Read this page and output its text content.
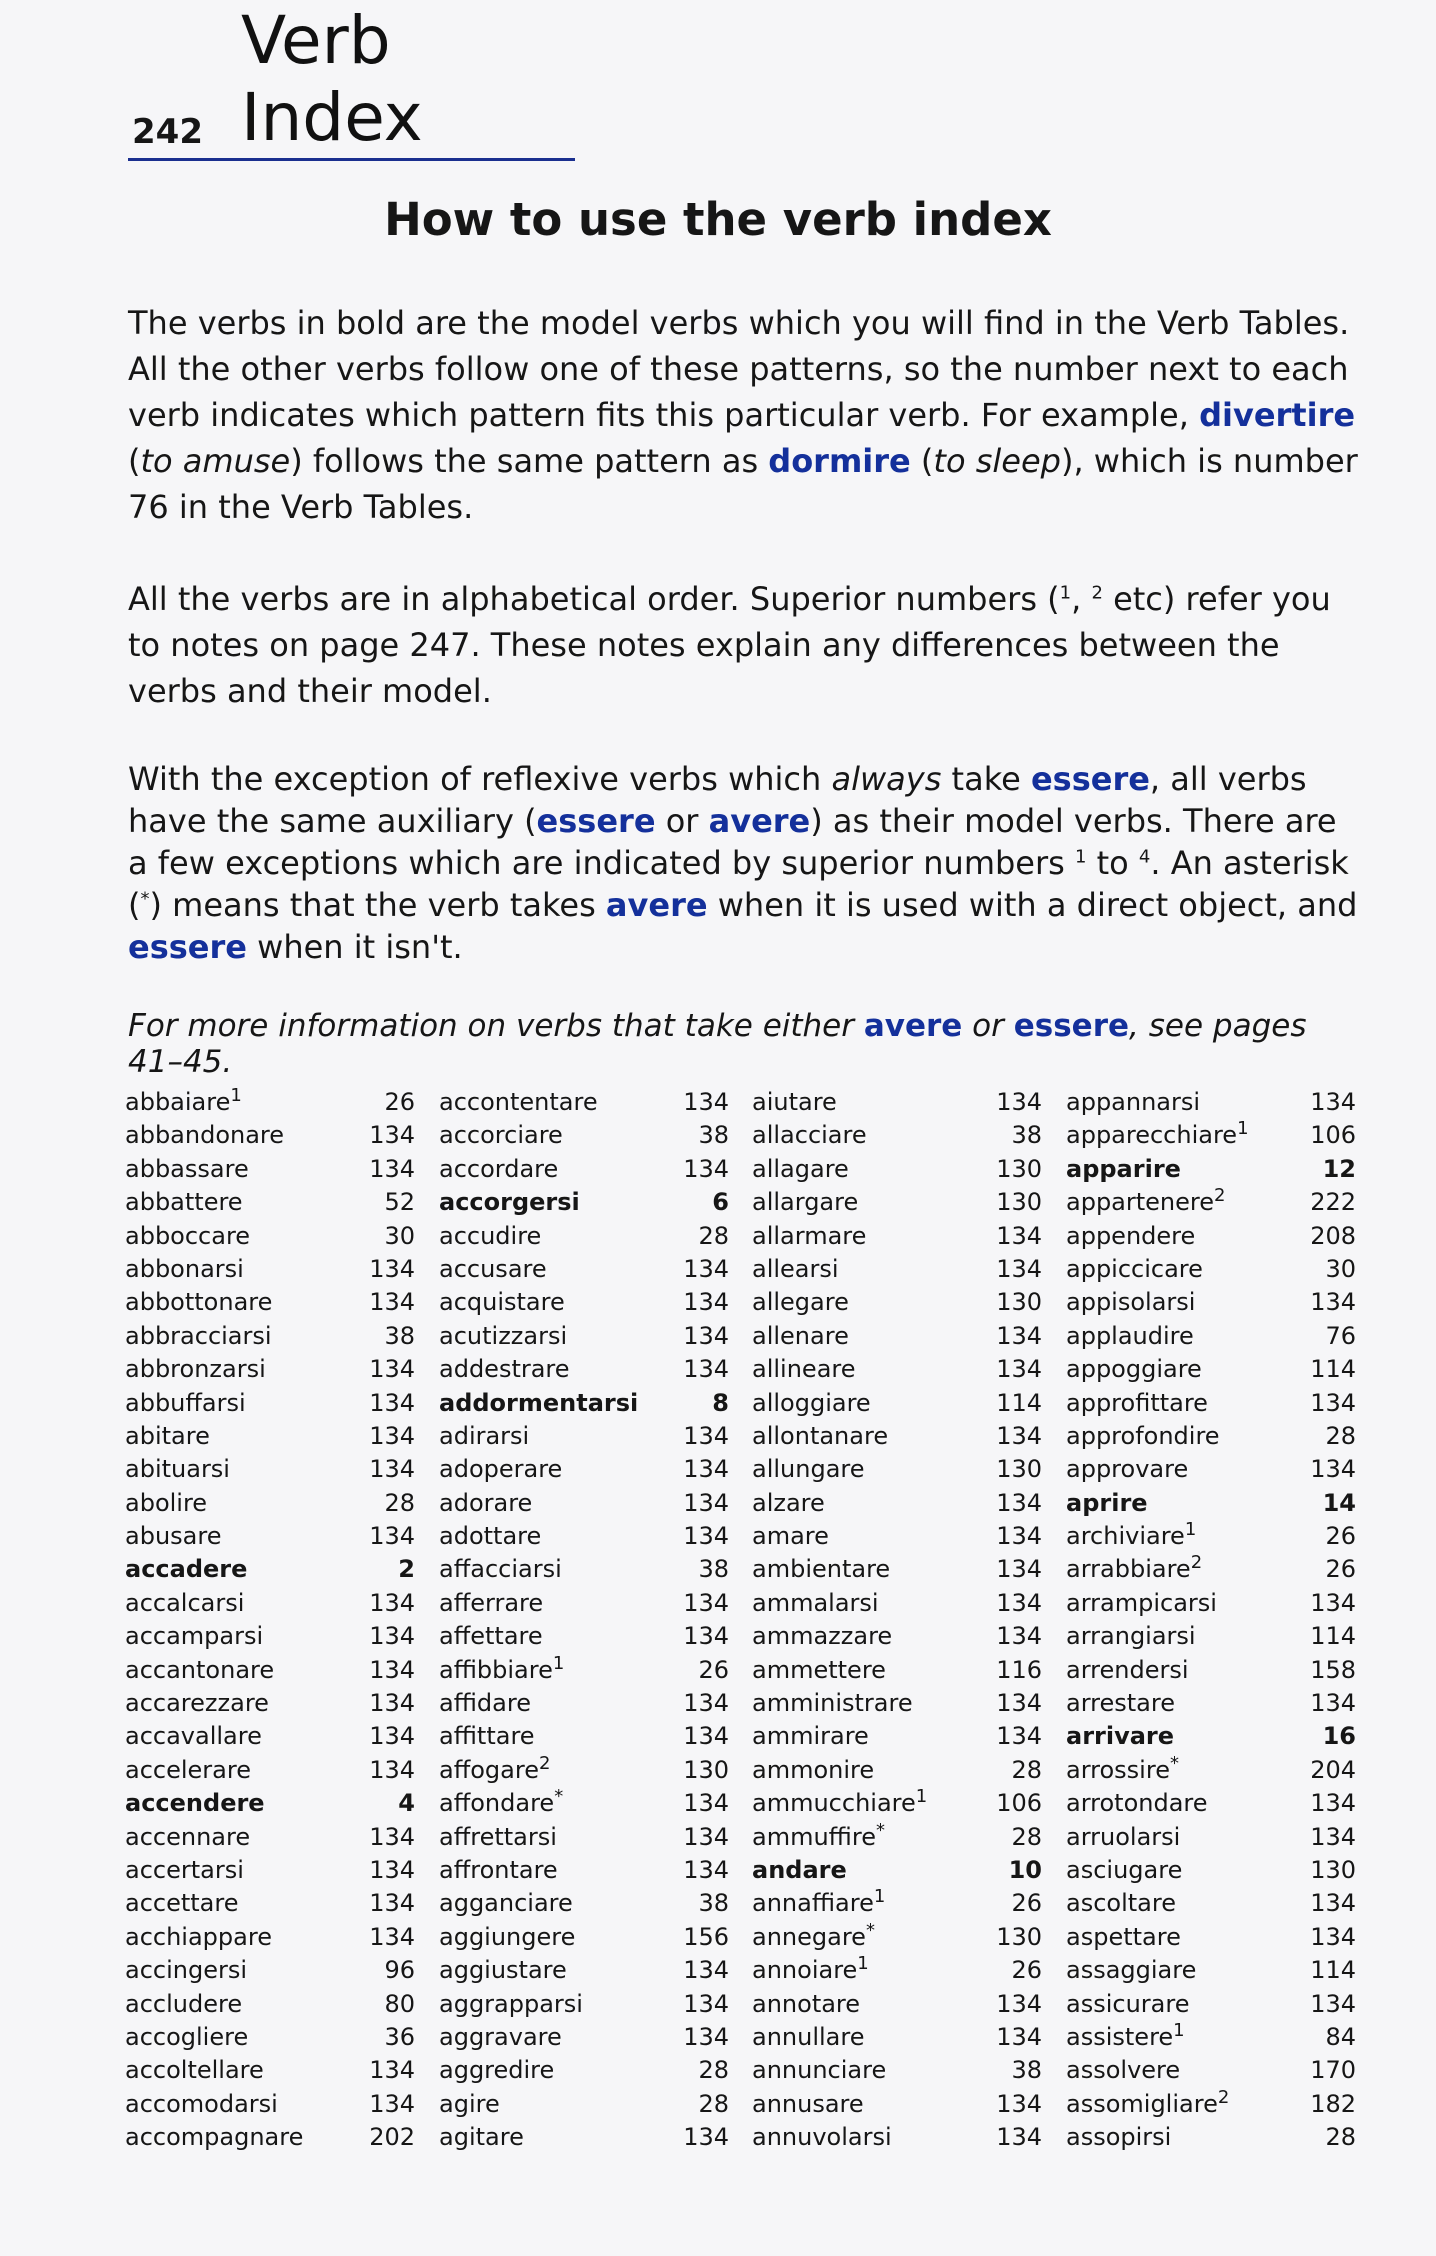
242
Verb Index
How to use the verb index
The verbs in bold are the model verbs which you will find in the Verb Tables. All the other verbs follow one of these patterns, so the number next to each verb indicates which pattern fits this particular verb. For example, divertire (to amuse) follows the same pattern as dormire (to sleep), which is number 76 in the Verb Tables.
All the verbs are in alphabetical order. Superior numbers ($^1$, $^2$ etc) refer you to notes on page 247. These notes explain any differences between the verbs and their model.
With the exception of reflexive verbs which always take essere, all verbs have the same auxiliary (essere or avere) as their model verbs. There are a few exceptions which are indicated by superior numbers $^1$ to $^4$. An asterisk (*) means that the verb takes avere when it is used with a direct object, and essere when it isn't.
For more information on verbs that take either avere or essere, see pages 41–45.
abbaiare$^1$	26
abbandonare	134
abbassare	134
abbattere	52
abboccare	30
abbonarsi	134
abbottonare	134
abbracciarsi	38
abbronzarsi	134
abbuffarsi	134
abitare	134
abituarsi	134
abolire	28
abusare	134
accadere	2
accalcarsi	134
accamparsi	134
accantonare	134
accarezzare	134
accavallare	134
accelerare	134
accendere	4
accennare	134
accertarsi	134
accettare	134
acchiappare	134
accingersi	96
accludere	80
accogliere	36
accoltellare	134
accomodarsi	134
accompagnare	202
accontentare	134
accorciare	38
accordare	134
accorgersi	6
accudire	28
accusare	134
acquistare	134
acutizzarsi	134
addestrare	134
addormentarsi	8
adirarsi	134
adoperare	134
adorare	134
adottare	134
affacciarsi	38
afferrare	134
affettare	134
affibbiare$^1$	26
affidare	134
affittare	134
affogare$^2$	130
affondare*	134
affrettarsi	134
affrontare	134
agganciare	38
aggiungere	156
aggiustare	134
aggrapparsi	134
aggravare	134
aggredire	28
agire	28
agitare	134
aiutare	134
allacciare	38
allagare	130
allargare	130
allarmare	134
allearsi	134
allegare	130
allenare	134
allineare	134
alloggiare	114
allontanare	134
allungare	130
alzare	134
amare	134
ambientare	134
ammalarsi	134
ammazzare	134
ammettere	116
amministrare	134
ammirare	134
ammonire	28
ammucchiare$^1$	106
ammuffire*	28
andare	10
annaffiare$^1$	26
annegare*	130
annoiare$^1$	26
annotare	134
annullare	134
annunciare	38
annusare	134
annuvolarsi	134
appannarsi	134
apparecchiare$^1$	106
apparire	12
appartenere$^2$	222
appendere	208
appiccicare	30
appisolarsi	134
applaudire	76
appoggiare	114
approfittare	134
approfondire	28
approvare	134
aprire	14
archiviare$^1$	26
arrabbiare$^2$	26
arrampicarsi	134
arrangiarsi	114
arrendersi	158
arrestare	134
arrivare	16
arrossire*	204
arrotondare	134
arruolarsi	134
asciugare	130
ascoltare	134
aspettare	134
assaggiare	114
assicurare	134
assistere$^1$	84
assolvere	170
assomigliare$^2$	182
assopirsi	28
